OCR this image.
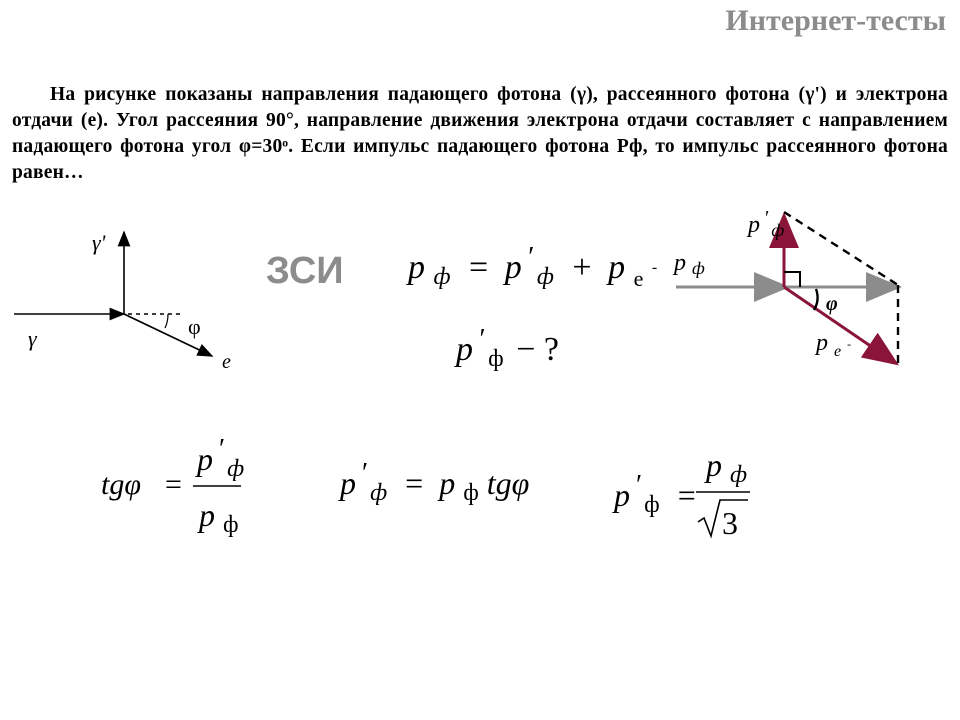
Интернет-тесты
На рисунке показаны направления падающего фотона (γ), рассеянного фотона (γ') и электрона отдачи (е). Угол рассеяния 90°, направление движения электрона отдачи составляет с направлением падающего фотона угол φ=30ᵒ. Если импульс падающего фотона Pф, то импульс рассеянного фотона равен…
γ
γ'
φ
e
ЗСИ p ф = p ′ ф + p $_e$ -
p ′ ф − ?
φ
p ′ ф
p ф
p $_e$ -
tgφ =
p ′ ф
p ф
p ′ ф = p ф tgφ	p ′ ф =
p ф
3
